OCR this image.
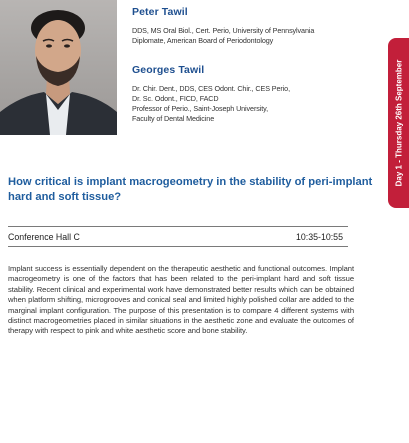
Peter Tawil
DDS, MS Oral Biol., Cert. Perio, University of Pennsylvania
Diplomate, American Board of Periodontology
Georges Tawil
Dr. Chir. Dent., DDS, CES Odont. Chir., CES Perio,
Dr. Sc. Odont., FICD, FACD
Professor of Perio., Saint-Joseph University,
Faculty of Dental Medicine	Day 1 - Thursday 26th September
How critical is implant macrogeometry in the stability of peri-implant hard and soft tissue?
Conference Hall C	10:35-10:55
Implant success is essentially dependent on the therapeutic aesthetic and functional outcomes. Implant macrogeometry is one of the factors that has been related to the peri-implant hard and soft tissue stability. Recent clinical and experimental work have demonstrated better results which can be obtained when platform shifting, microgrooves and conical seal and limited highly polished collar are added to the marginal implant configuration. The purpose of this presentation is to compare 4 different systems with distinct macrogeometries placed in similar situations in the aesthetic zone and evaluate the outcomes of therapy with respect to pink and white aesthetic score and bone stability.
